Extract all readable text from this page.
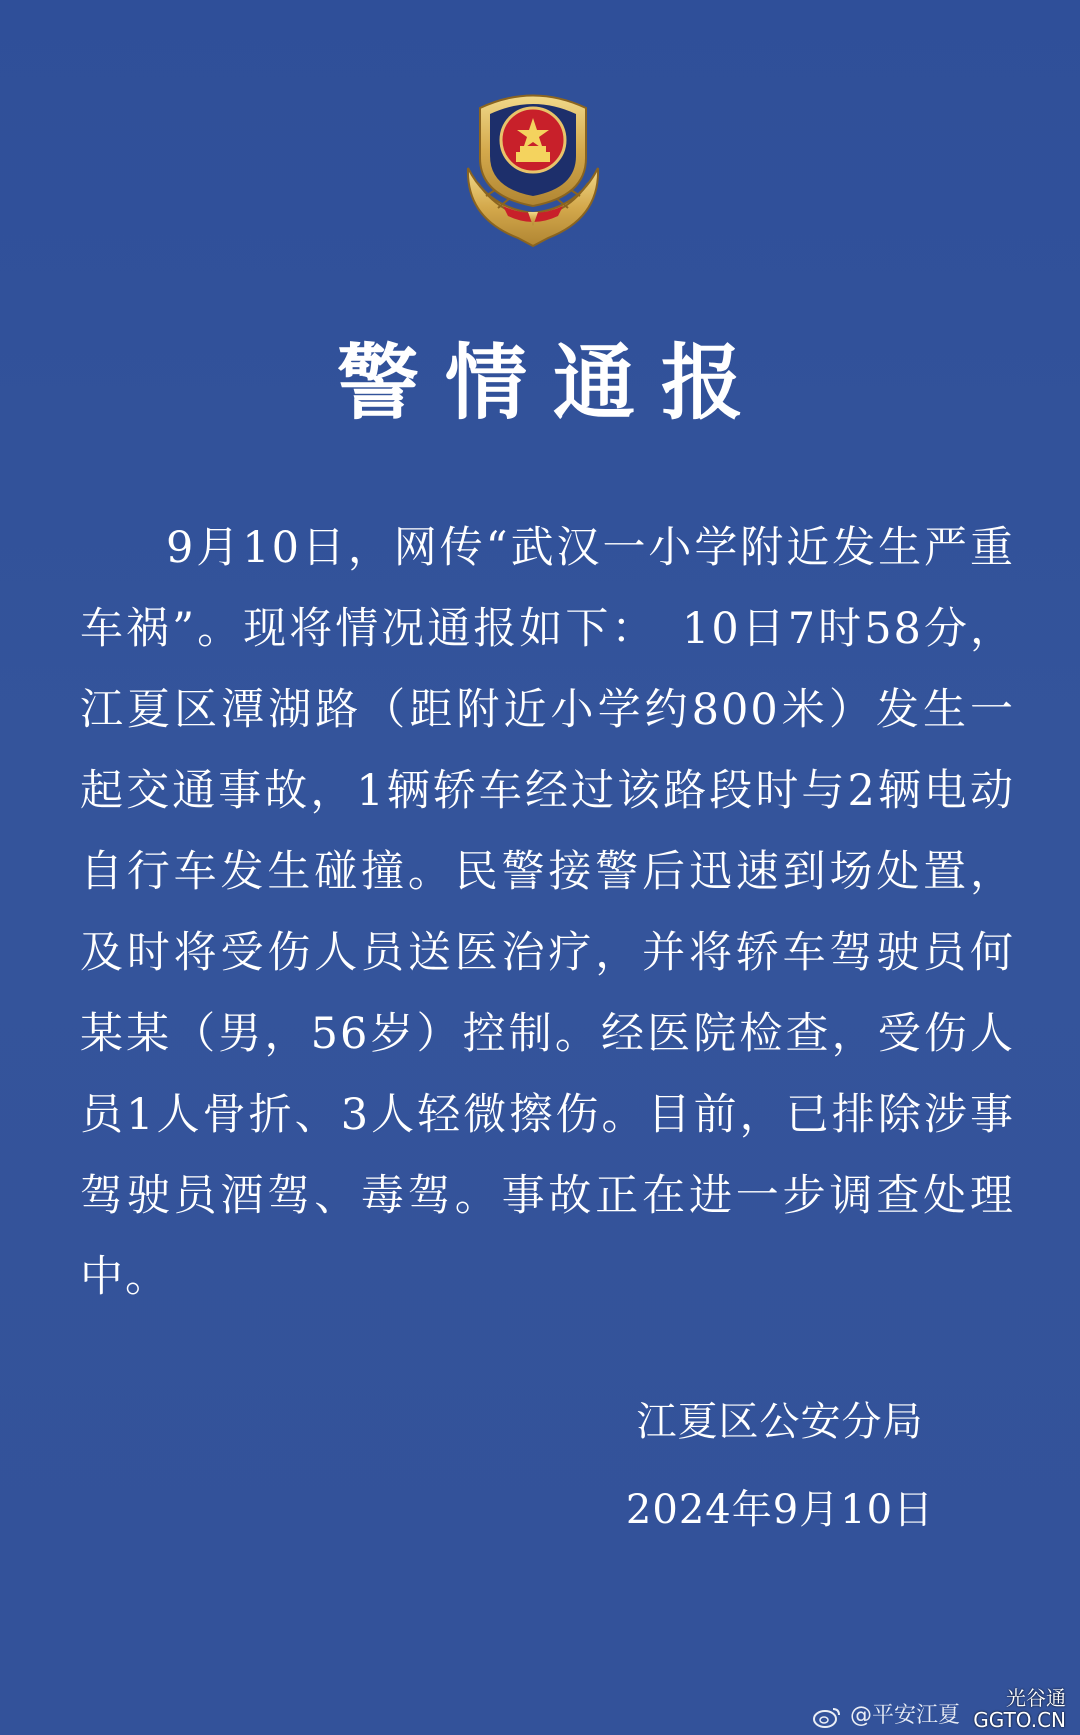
警情通报

9月10日，网传“武汉一小学附近发生严重车祸”。现将情况通报如下：　10日7时58分，江夏区潭湖路（距附近小学约800米）发生一起交通事故，1辆轿车经过该路段时与2辆电动自行车发生碰撞。民警接警后迅速到场处置，及时将受伤人员送医治疗，并将轿车驾驶员何某某（男，56岁）控制。经医院检查，受伤人员1人骨折、3人轻微擦伤。目前，已排除涉事驾驶员酒驾、毒驾。事故正在进一步调查处理中。

江夏区公安分局
2024年9月10日
@平安江夏
光谷通
GGTO.CN
